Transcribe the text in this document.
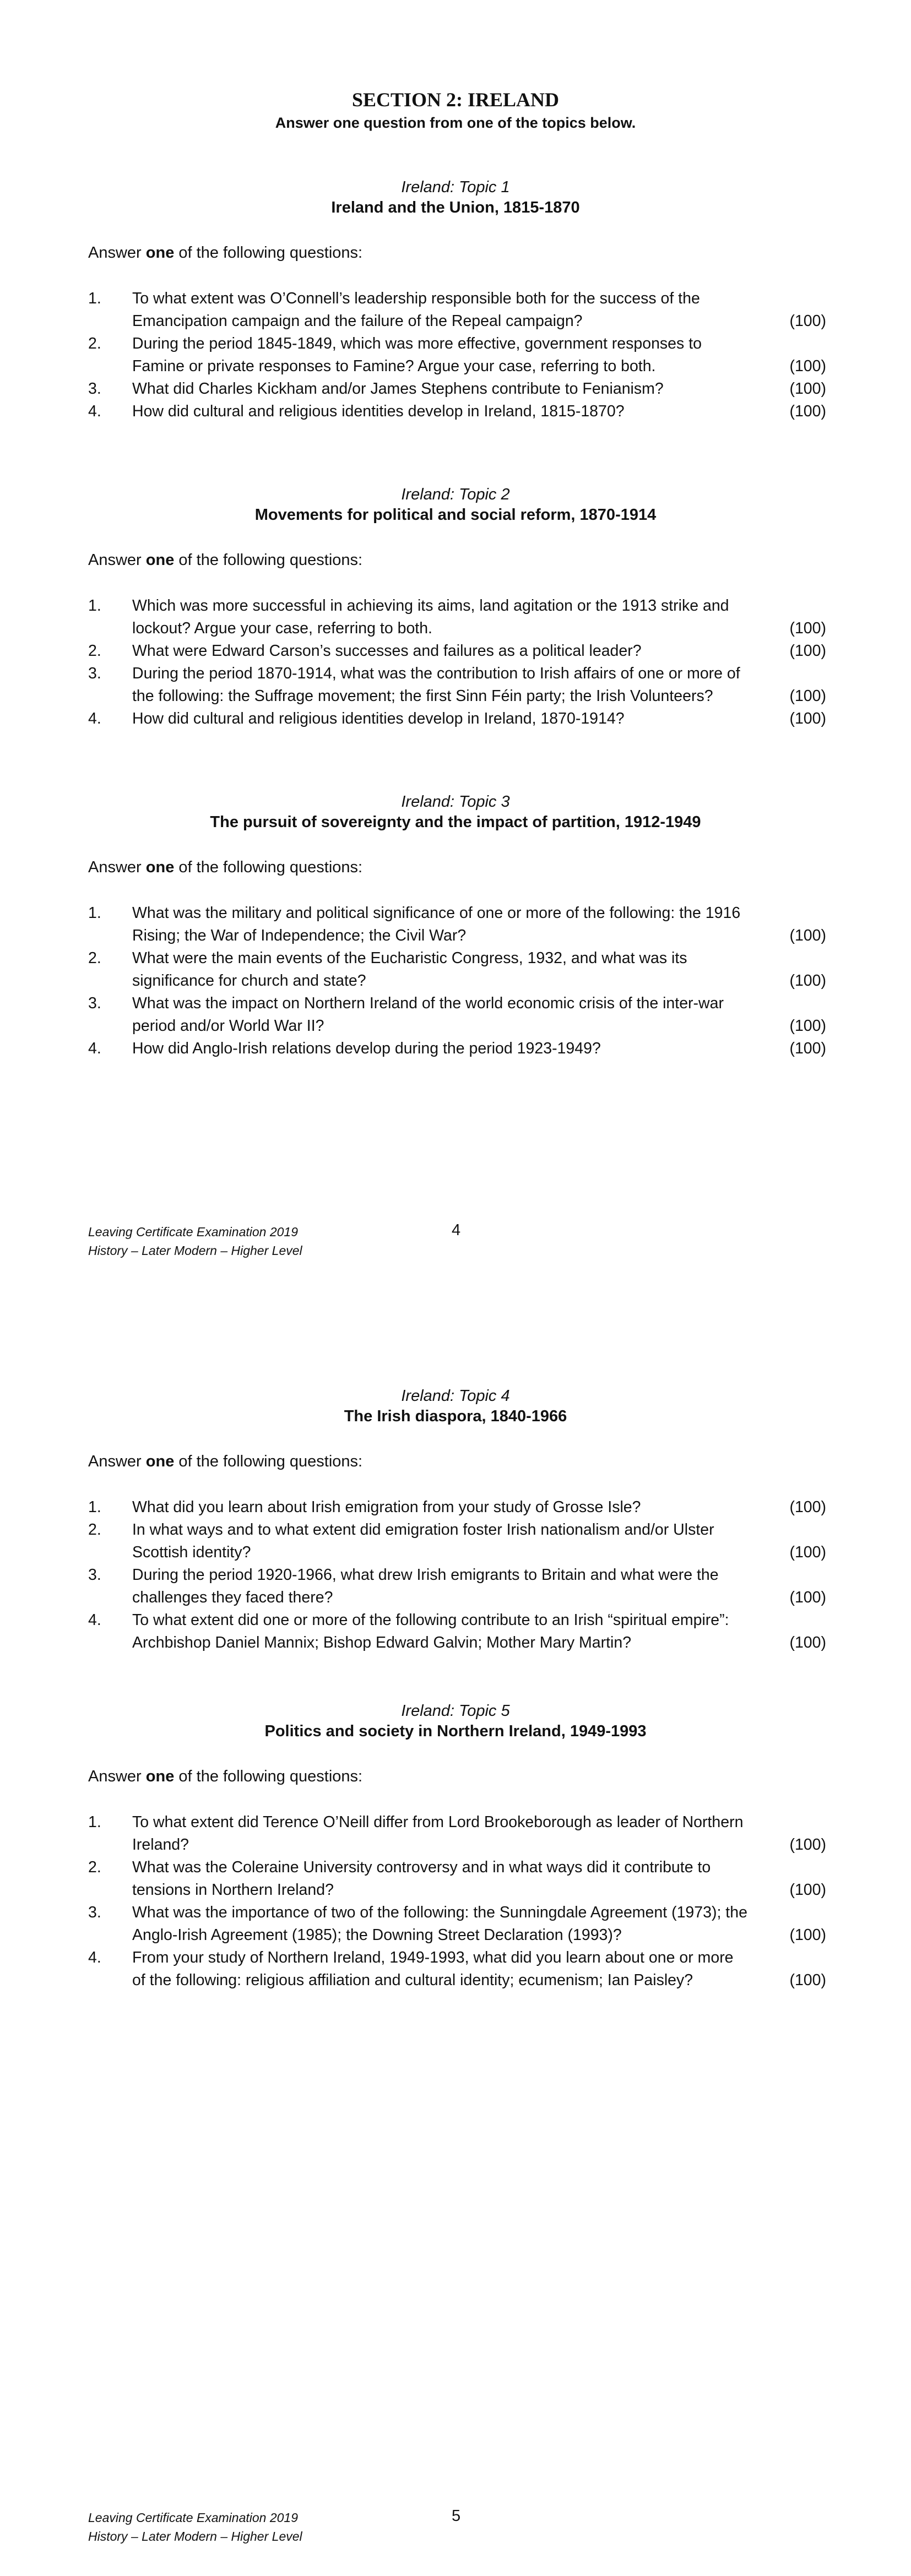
SECTION 2: IRELAND
Answer one question from one of the topics below.
Ireland: Topic 1
Ireland and the Union, 1815-1870
Answer one of the following questions:
1. To what extent was O’Connell’s leadership responsible both for the success of the Emancipation campaign and the failure of the Repeal campaign?	(100)
2. During the period 1845-1849, which was more effective, government responses to Famine or private responses to Famine? Argue your case, referring to both.	(100)
3. What did Charles Kickham and/or James Stephens contribute to Fenianism?	(100)
4. How did cultural and religious identities develop in Ireland, 1815-1870?	(100)
Ireland: Topic 2
Movements for political and social reform, 1870-1914
Answer one of the following questions:
1. Which was more successful in achieving its aims, land agitation or the 1913 strike and lockout? Argue your case, referring to both.	(100)
2. What were Edward Carson’s successes and failures as a political leader?	(100)
3. During the period 1870-1914, what was the contribution to Irish affairs of one or more of the following: the Suffrage movement; the first Sinn Féin party; the Irish Volunteers?	(100)
4. How did cultural and religious identities develop in Ireland, 1870-1914?	(100)
Ireland: Topic 3
The pursuit of sovereignty and the impact of partition, 1912-1949
Answer one of the following questions:
1. What was the military and political significance of one or more of the following: the 1916 Rising; the War of Independence; the Civil War?	(100)
2. What were the main events of the Eucharistic Congress, 1932, and what was its significance for church and state?	(100)
3. What was the impact on Northern Ireland of the world economic crisis of the inter-war period and/or World War II?	(100)
4. How did Anglo-Irish relations develop during the period 1923-1949?	(100)
Leaving Certificate Examination 2019
History – Later Modern – Higher Level
4
Ireland: Topic 4
The Irish diaspora, 1840-1966
Answer one of the following questions:
1. What did you learn about Irish emigration from your study of Grosse Isle?	(100)
2. In what ways and to what extent did emigration foster Irish nationalism and/or Ulster Scottish identity?	(100)
3. During the period 1920-1966, what drew Irish emigrants to Britain and what were the challenges they faced there?	(100)
4. To what extent did one or more of the following contribute to an Irish “spiritual empire”: Archbishop Daniel Mannix; Bishop Edward Galvin; Mother Mary Martin?	(100)
Ireland: Topic 5
Politics and society in Northern Ireland, 1949-1993
Answer one of the following questions:
1. To what extent did Terence O’Neill differ from Lord Brookeborough as leader of Northern Ireland?	(100)
2. What was the Coleraine University controversy and in what ways did it contribute to tensions in Northern Ireland?	(100)
3. What was the importance of two of the following: the Sunningdale Agreement (1973); the Anglo-Irish Agreement (1985); the Downing Street Declaration (1993)?	(100)
4. From your study of Northern Ireland, 1949-1993, what did you learn about one or more of the following: religious affiliation and cultural identity; ecumenism; Ian Paisley?	(100)
Leaving Certificate Examination 2019
History – Later Modern – Higher Level
5
